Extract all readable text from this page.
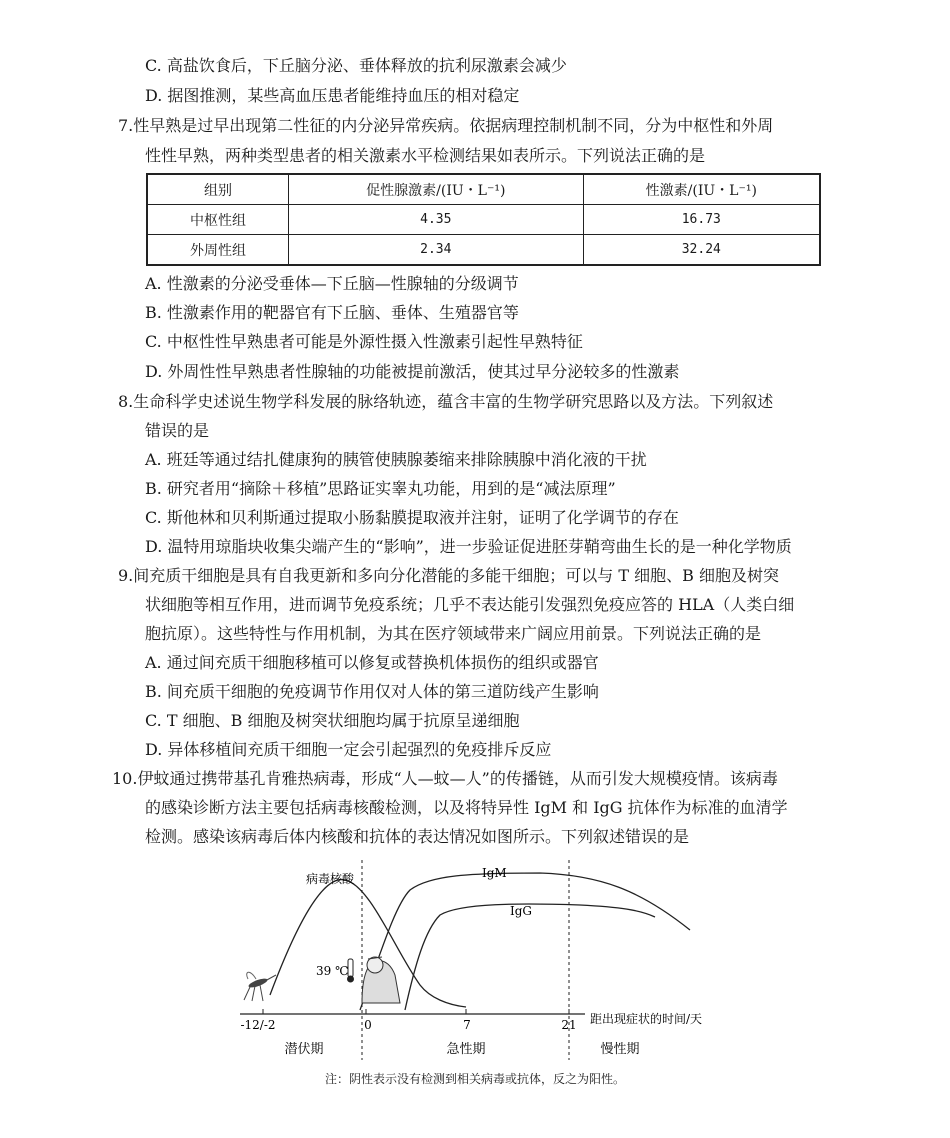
C. 高盐饮食后，下丘脑分泌、垂体释放的抗利尿激素会减少
D. 据图推测，某些高血压患者能维持血压的相对稳定
7.性早熟是过早出现第二性征的内分泌异常疾病。依据病理控制机制不同，分为中枢性和外周
性性早熟，两种类型患者的相关激素水平检测结果如表所示。下列说法正确的是
组别	促性腺激素/(IU・L⁻¹)	性激素/(IU・L⁻¹)
中枢性组	4.35	16.73
外周性组	2.34	32.24
A. 性激素的分泌受垂体—下丘脑—性腺轴的分级调节
B. 性激素作用的靶器官有下丘脑、垂体、生殖器官等
C. 中枢性性早熟患者可能是外源性摄入性激素引起性早熟特征
D. 外周性性早熟患者性腺轴的功能被提前激活，使其过早分泌较多的性激素
8.生命科学史述说生物学科发展的脉络轨迹，蕴含丰富的生物学研究思路以及方法。下列叙述
错误的是
A. 班廷等通过结扎健康狗的胰管使胰腺萎缩来排除胰腺中消化液的干扰
B. 研究者用“摘除＋移植”思路证实睾丸功能，用到的是“减法原理”
C. 斯他林和贝利斯通过提取小肠黏膜提取液并注射，证明了化学调节的存在
D. 温特用琼脂块收集尖端产生的“影响”，进一步验证促进胚芽鞘弯曲生长的是一种化学物质
9.间充质干细胞是具有自我更新和多向分化潜能的多能干细胞；可以与 T 细胞、B 细胞及树突
状细胞等相互作用，进而调节免疫系统；几乎不表达能引发强烈免疫应答的 HLA（人类白细
胞抗原）。这些特性与作用机制，为其在医疗领域带来广阔应用前景。下列说法正确的是
A. 通过间充质干细胞移植可以修复或替换机体损伤的组织或器官
B. 间充质干细胞的免疫调节作用仅对人体的第三道防线产生影响
C. T 细胞、B 细胞及树突状细胞均属于抗原呈递细胞
D. 异体移植间充质干细胞一定会引起强烈的免疫排斥反应
10.伊蚊通过携带基孔肯雅热病毒，形成“人—蚊—人”的传播链，从而引发大规模疫情。该病毒
的感染诊断方法主要包括病毒核酸检测，以及将特异性 IgM 和 IgG 抗体作为标准的血清学
检测。感染该病毒后体内核酸和抗体的表达情况如图所示。下列叙述错误的是
-12/-2	0	7	21 距出现症状的时间/天
潜伏期	急性期	慢性期
病毒核酸	IgM
IgG
39 ℃
注：阴性表示没有检测到相关病毒或抗体，反之为阳性。
